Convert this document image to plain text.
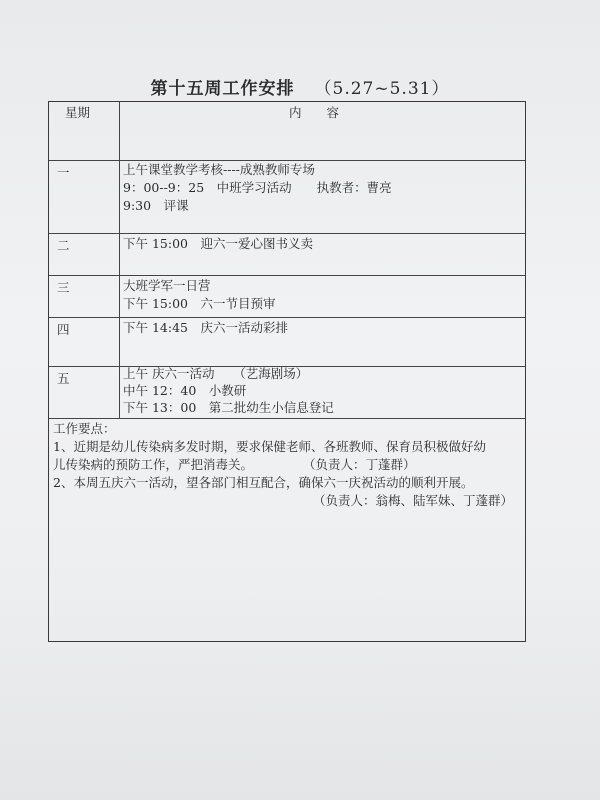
第十五周工作安排 （5.27~5.31）
星期	内　　容
一	上午课堂教学考核----成熟教师专场
9：00--9：25　中班学习活动　　执教者：曹亮
9:30　评课
二	下午 15:00　迎六一爱心图书义卖
三	大班学军一日营
下午 15:00　六一节目预审
四	下午 14:45　庆六一活动彩排
五	上午 庆六一活动　　（艺海剧场）
中午 12：40　小教研
下午 13：00　第二批幼生小信息登记
工作要点：
1、近期是幼儿传染病多发时期，要求保健老师、各班教师、保育员积极做好幼
儿传染病的预防工作，严把消毒关。　　　　　（负责人：丁蓬群）
2、本周五庆六一活动，望各部门相互配合，确保六一庆祝活动的顺利开展。
（负责人：翁梅、陆军妹、丁蓬群）
